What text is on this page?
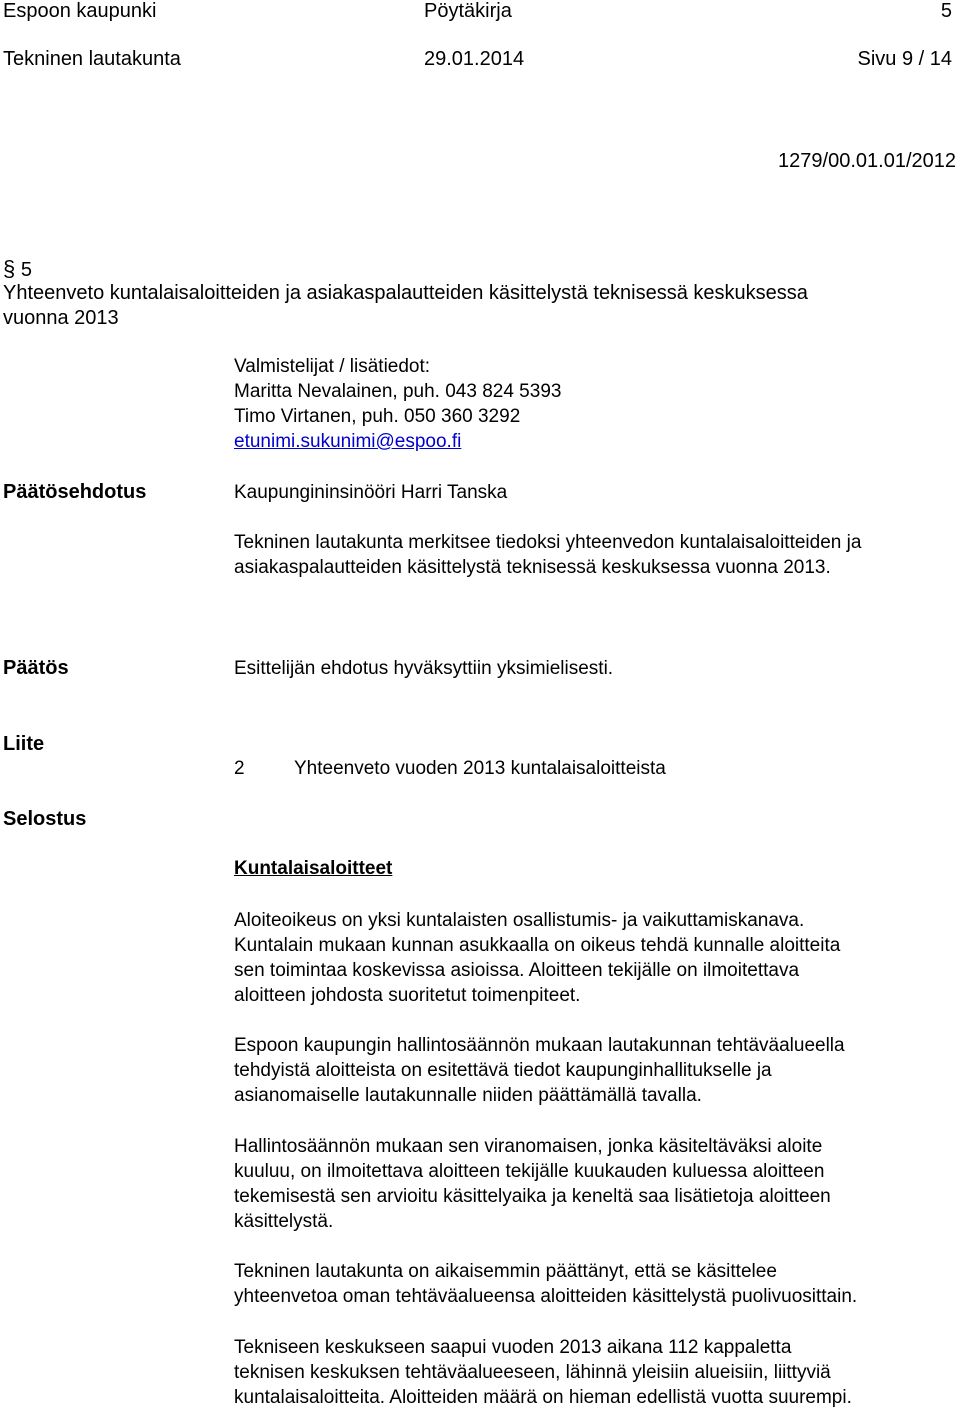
Espoon kaupunki	Pöytäkirja	5
Tekninen lautakunta	29.01.2014	Sivu 9 / 14
1279/00.01.01/2012
§ 5
Yhteenveto kuntalaisaloitteiden ja asiakaspalautteiden käsittelystä teknisessä keskuksessa
vuonna 2013
Valmistelijat / lisätiedot:
Maritta Nevalainen, puh. 043 824 5393
Timo Virtanen, puh. 050 360 3292
etunimi.sukunimi@espoo.fi
Päätösehdotus	Kaupungininsinööri Harri Tanska
Tekninen lautakunta merkitsee tiedoksi yhteenvedon kuntalaisaloitteiden ja
asiakaspalautteiden käsittelystä teknisessä keskuksessa vuonna 2013.
Päätös	Esittelijän ehdotus hyväksyttiin yksimielisesti.
Liite
2	Yhteenveto vuoden 2013 kuntalaisaloitteista
Selostus
Kuntalaisaloitteet
Aloiteoikeus on yksi kuntalaisten osallistumis- ja vaikuttamiskanava.
Kuntalain mukaan kunnan asukkaalla on oikeus tehdä kunnalle aloitteita
sen toimintaa koskevissa asioissa. Aloitteen tekijälle on ilmoitettava
aloitteen johdosta suoritetut toimenpiteet.
Espoon kaupungin hallintosäännön mukaan lautakunnan tehtäväalueella
tehdyistä aloitteista on esitettävä tiedot kaupunginhallitukselle ja
asianomaiselle lautakunnalle niiden päättämällä tavalla.
Hallintosäännön mukaan sen viranomaisen, jonka käsiteltäväksi aloite
kuuluu, on ilmoitettava aloitteen tekijälle kuukauden kuluessa aloitteen
tekemisestä sen arvioitu käsittelyaika ja keneltä saa lisätietoja aloitteen
käsittelystä.
Tekninen lautakunta on aikaisemmin päättänyt, että se käsittelee
yhteenvetoa oman tehtäväalueensa aloitteiden käsittelystä puolivuosittain.
Tekniseen keskukseen saapui vuoden 2013 aikana 112 kappaletta
teknisen keskuksen tehtäväalueeseen, lähinnä yleisiin alueisiin, liittyviä
kuntalaisaloitteita. Aloitteiden määrä on hieman edellistä vuotta suurempi.
